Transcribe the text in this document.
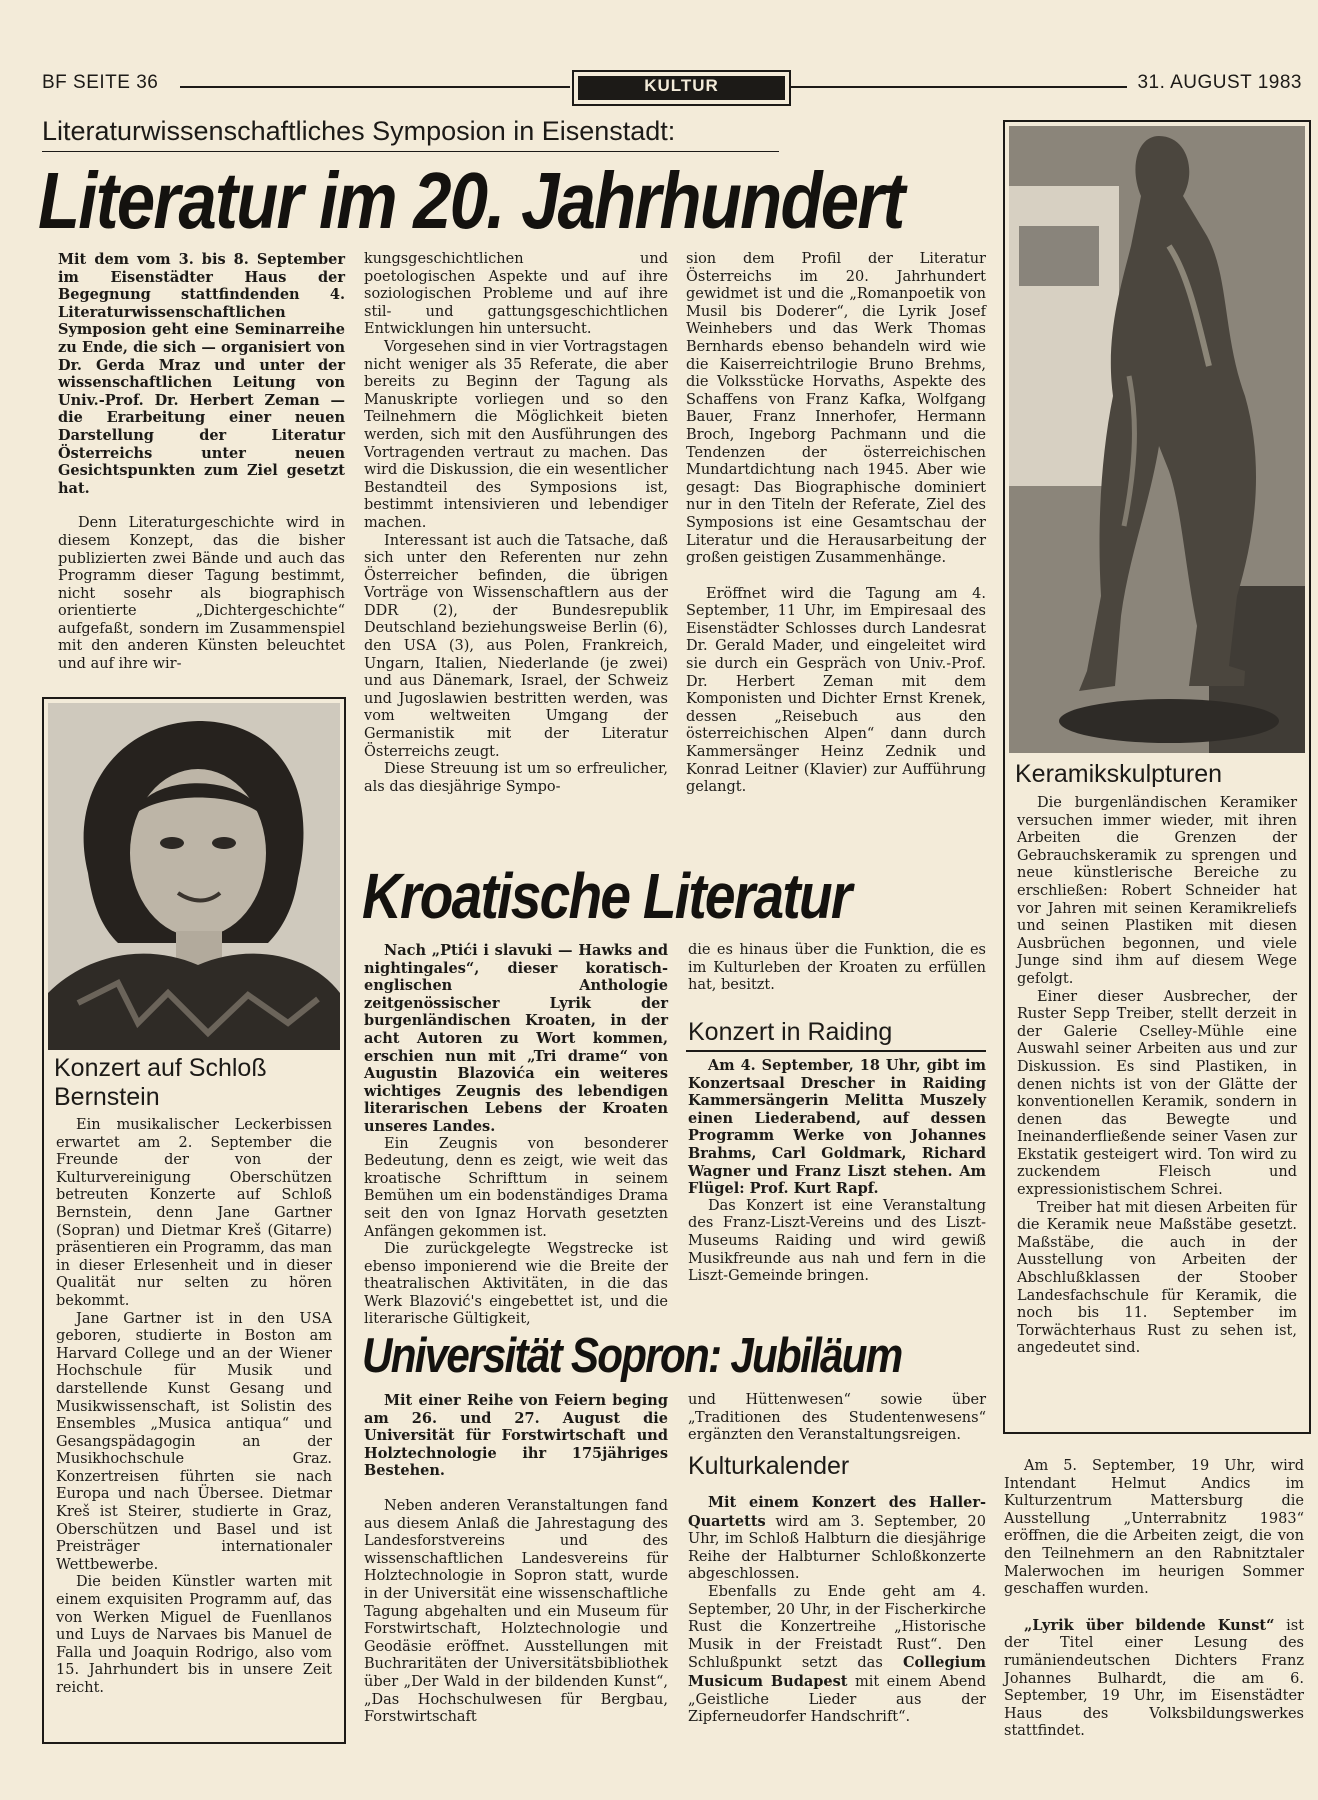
BF SEITE 36	KULTUR	31. AUGUST 1983
Literaturwissenschaftliches Symposion in Eisenstadt:
Literatur im 20. Jahrhundert

Mit dem vom 3. bis 8. September im Eisenstädter Haus der Begegnung stattfindenden 4. Literaturwissenschaftlichen Symposion geht eine Seminarreihe zu Ende, die sich — organisiert von Dr. Gerda Mraz und unter der wissenschaftlichen Leitung von Univ.-Prof. Dr. Herbert Zeman — die Erarbeitung einer neuen Darstellung der Literatur Österreichs unter neuen Gesichtspunkten zum Ziel gesetzt hat.

Denn Literaturgeschichte wird in diesem Konzept, das die bisher publizierten zwei Bände und auch das Programm dieser Tagung bestimmt, nicht sosehr als biographisch orientierte „Dichtergeschichte“ aufgefaßt, sondern im Zusammenspiel mit den anderen Künsten beleuchtet und auf ihre wir-

kungsgeschichtlichen und poetologischen Aspekte und auf ihre soziologischen Probleme und auf ihre stil- und gattungsgeschichtlichen Entwicklungen hin untersucht.

Vorgesehen sind in vier Vortragstagen nicht weniger als 35 Referate, die aber bereits zu Beginn der Tagung als Manuskripte vorliegen und so den Teilnehmern die Möglichkeit bieten werden, sich mit den Ausführungen des Vortragenden vertraut zu machen. Das wird die Diskussion, die ein wesentlicher Bestandteil des Symposions ist, bestimmt intensivieren und lebendiger machen.

Interessant ist auch die Tatsache, daß sich unter den Referenten nur zehn Österreicher befinden, die übrigen Vorträge von Wissenschaftlern aus der DDR (2), der Bundesrepublik Deutschland beziehungsweise Berlin (6), den USA (3), aus Polen, Frankreich, Ungarn, Italien, Niederlande (je zwei) und aus Dänemark, Israel, der Schweiz und Jugoslawien bestritten werden, was vom weltweiten Umgang der Germanistik mit der Literatur Österreichs zeugt.

Diese Streuung ist um so erfreulicher, als das diesjährige Sympo-

sion dem Profil der Literatur Österreichs im 20. Jahrhundert gewidmet ist und die „Romanpoetik von Musil bis Doderer“, die Lyrik Josef Weinhebers und das Werk Thomas Bernhards ebenso behandeln wird wie die Kaiserreichtrilogie Bruno Brehms, die Volksstücke Horvaths, Aspekte des Schaffens von Franz Kafka, Wolfgang Bauer, Franz Innerhofer, Hermann Broch, Ingeborg Pachmann und die Tendenzen der österreichischen Mundartdichtung nach 1945. Aber wie gesagt: Das Biographische dominiert nur in den Titeln der Referate, Ziel des Symposions ist eine Gesamtschau der Literatur und die Herausarbeitung der großen geistigen Zusammenhänge.

Eröffnet wird die Tagung am 4. September, 11 Uhr, im Empiresaal des Eisenstädter Schlosses durch Landesrat Dr. Gerald Mader, und eingeleitet wird sie durch ein Gespräch von Univ.-Prof. Dr. Herbert Zeman mit dem Komponisten und Dichter Ernst Krenek, dessen „Reisebuch aus den österreichischen Alpen“ dann durch Kammersänger Heinz Zednik und Konrad Leitner (Klavier) zur Aufführung gelangt.	Keramikskulpturen

Die burgenländischen Keramiker versuchen immer wieder, mit ihren Arbeiten die Grenzen der Gebrauchskeramik zu sprengen und neue künstlerische Bereiche zu erschließen: Robert Schneider hat vor Jahren mit seinen Keramikreliefs und seinen Plastiken mit diesen Ausbrüchen begonnen, und viele Junge sind ihm auf diesem Wege gefolgt.

Einer dieser Ausbrecher, der Ruster Sepp Treiber, stellt derzeit in der Galerie Cselley-Mühle eine Auswahl seiner Arbeiten aus und zur Diskussion. Es sind Plastiken, in denen nichts ist von der Glätte der konventionellen Keramik, sondern in denen das Bewegte und Ineinanderfließende seiner Vasen zur Ekstatik gesteigert wird. Ton wird zu zuckendem Fleisch und expressionistischem Schrei.

Treiber hat mit diesen Arbeiten für die Keramik neue Maßstäbe gesetzt. Maßstäbe, die auch in der Ausstellung von Arbeiten der Abschlußklassen der Stoober Landesfachschule für Keramik, die noch bis 11. September im Torwächterhaus Rust zu sehen ist, angedeutet sind.

Konzert auf Schloß Bernstein

Ein musikalischer Leckerbissen erwartet am 2. September die Freunde der von der Kulturvereinigung Oberschützen betreuten Konzerte auf Schloß Bernstein, denn Jane Gartner (Sopran) und Dietmar Kreš (Gitarre) präsentieren ein Programm, das man in dieser Erlesenheit und in dieser Qualität nur selten zu hören bekommt.

Jane Gartner ist in den USA geboren, studierte in Boston am Harvard College und an der Wiener Hochschule für Musik und darstellende Kunst Gesang und Musikwissenschaft, ist Solistin des Ensembles „Musica antiqua“ und Gesangspädagogin an der Musikhochschule Graz. Konzertreisen führten sie nach Europa und nach Übersee. Dietmar Kreš ist Steirer, studierte in Graz, Oberschützen und Basel und ist Preisträger internationaler Wettbewerbe.

Die beiden Künstler warten mit einem exquisiten Programm auf, das von Werken Miguel de Fuenllanos und Luys de Narvaes bis Manuel de Falla und Joaquin Rodrigo, also vom 15. Jahrhundert bis in unsere Zeit reicht.

Kroatische Literatur

Nach „Ptići i slavuki — Hawks and nightingales“, dieser koratisch-englischen Anthologie zeitgenössischer Lyrik der burgenländischen Kroaten, in der acht Autoren zu Wort kommen, erschien nun mit „Tri drame“ von Augustin Blazovića ein weiteres wichtiges Zeugnis des lebendigen literarischen Lebens der Kroaten unseres Landes.

Ein Zeugnis von besonderer Bedeutung, denn es zeigt, wie weit das kroatische Schrifttum in seinem Bemühen um ein bodenständiges Drama seit den von Ignaz Horvath gesetzten Anfängen gekommen ist.

Die zurückgelegte Wegstrecke ist ebenso imponierend wie die Breite der theatralischen Aktivitäten, in die das Werk Blazović's eingebettet ist, und die literarische Gültigkeit,

die es hinaus über die Funktion, die es im Kulturleben der Kroaten zu erfüllen hat, besitzt.

Konzert in Raiding

Am 4. September, 18 Uhr, gibt im Konzertsaal Drescher in Raiding Kammersängerin Melitta Muszely einen Liederabend, auf dessen Programm Werke von Johannes Brahms, Carl Goldmark, Richard Wagner und Franz Liszt stehen. Am Flügel: Prof. Kurt Rapf.

Das Konzert ist eine Veranstaltung des Franz-Liszt-Vereins und des Liszt-Museums Raiding und wird gewiß Musikfreunde aus nah und fern in die Liszt-Gemeinde bringen.

Universität Sopron: Jubiläum

Mit einer Reihe von Feiern beging am 26. und 27. August die Universität für Forstwirtschaft und Holztechnologie ihr 175jähriges Bestehen.

Neben anderen Veranstaltungen fand aus diesem Anlaß die Jahrestagung des Landesforstvereins und des wissenschaftlichen Landesvereins für Holztechnologie in Sopron statt, wurde in der Universität eine wissenschaftliche Tagung abgehalten und ein Museum für Forstwirtschaft, Holztechnologie und Geodäsie eröffnet. Ausstellungen mit Buchraritäten der Universitätsbibliothek über „Der Wald in der bildenden Kunst“, „Das Hochschulwesen für Bergbau, Forstwirtschaft

und Hüttenwesen“ sowie über „Traditionen des Studentenwesens“ ergänzten den Veranstaltungsreigen.

Kulturkalender

Mit einem Konzert des Haller-Quartetts wird am 3. September, 20 Uhr, im Schloß Halbturn die diesjährige Reihe der Halbturner Schloßkonzerte abgeschlossen.

Ebenfalls zu Ende geht am 4. September, 20 Uhr, in der Fischerkirche Rust die Konzertreihe „Historische Musik in der Freistadt Rust“. Den Schlußpunkt setzt das Collegium Musicum Budapest mit einem Abend „Geistliche Lieder aus der Zipferneudorfer Handschrift“.

Am 5. September, 19 Uhr, wird Intendant Helmut Andics im Kulturzentrum Mattersburg die Ausstellung „Unterrabnitz 1983“ eröffnen, die die Arbeiten zeigt, die von den Teilnehmern an den Rabnitztaler Malerwochen im heurigen Sommer geschaffen wurden.

„Lyrik über bildende Kunst“ ist der Titel einer Lesung des rumäniendeutschen Dichters Franz Johannes Bulhardt, die am 6. September, 19 Uhr, im Eisenstädter Haus des Volksbildungswerkes stattfindet.
